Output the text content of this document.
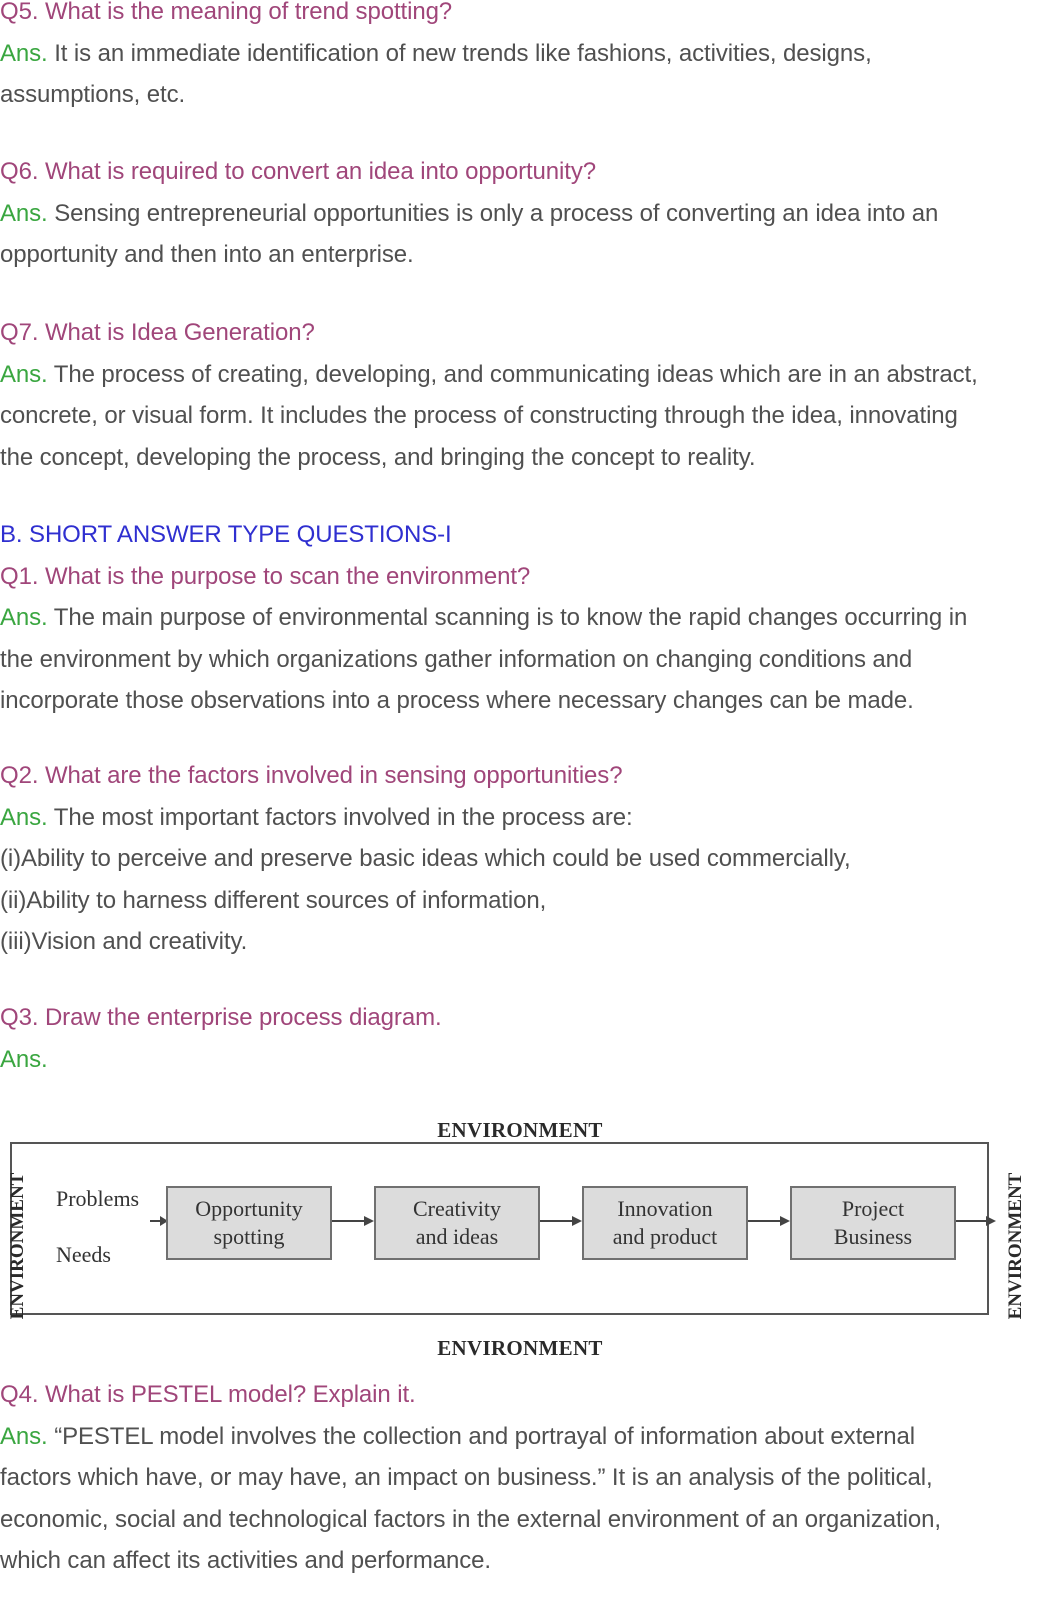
Q5. What is the meaning of trend spotting?

Ans. It is an immediate identification of new trends like fashions, activities, designs,

assumptions, etc.

Q6. What is required to convert an idea into opportunity?

Ans. Sensing entrepreneurial opportunities is only a process of converting an idea into an

opportunity and then into an enterprise.

Q7. What is Idea Generation?

Ans. The process of creating, developing, and communicating ideas which are in an abstract,

concrete, or visual form. It includes the process of constructing through the idea, innovating

the concept, developing the process, and bringing the concept to reality.

B. SHORT ANSWER TYPE QUESTIONS-I

Q1. What is the purpose to scan the environment?

Ans. The main purpose of environmental scanning is to know the rapid changes occurring in

the environment by which organizations gather information on changing conditions and

incorporate those observations into a process where necessary changes can be made.

Q2. What are the factors involved in sensing opportunities?

Ans. The most important factors involved in the process are:

(i)Ability to perceive and preserve basic ideas which could be used commercially,

(ii)Ability to harness different sources of information,

(iii)Vision and creativity.

Q3. Draw the enterprise process diagram.

Ans.

ENVIRONMENT
ENVIRONMENT	ENVIRONMENT
Problems
Needs
Opportunity
spotting
Creativity
and ideas
Innovation
and product
Project
Business
ENVIRONMENT

Q4. What is PESTEL model? Explain it.

Ans. “PESTEL model involves the collection and portrayal of information about external

factors which have, or may have, an impact on business.” It is an analysis of the political,

economic, social and technological factors in the external environment of an organization,

which can affect its activities and performance.
